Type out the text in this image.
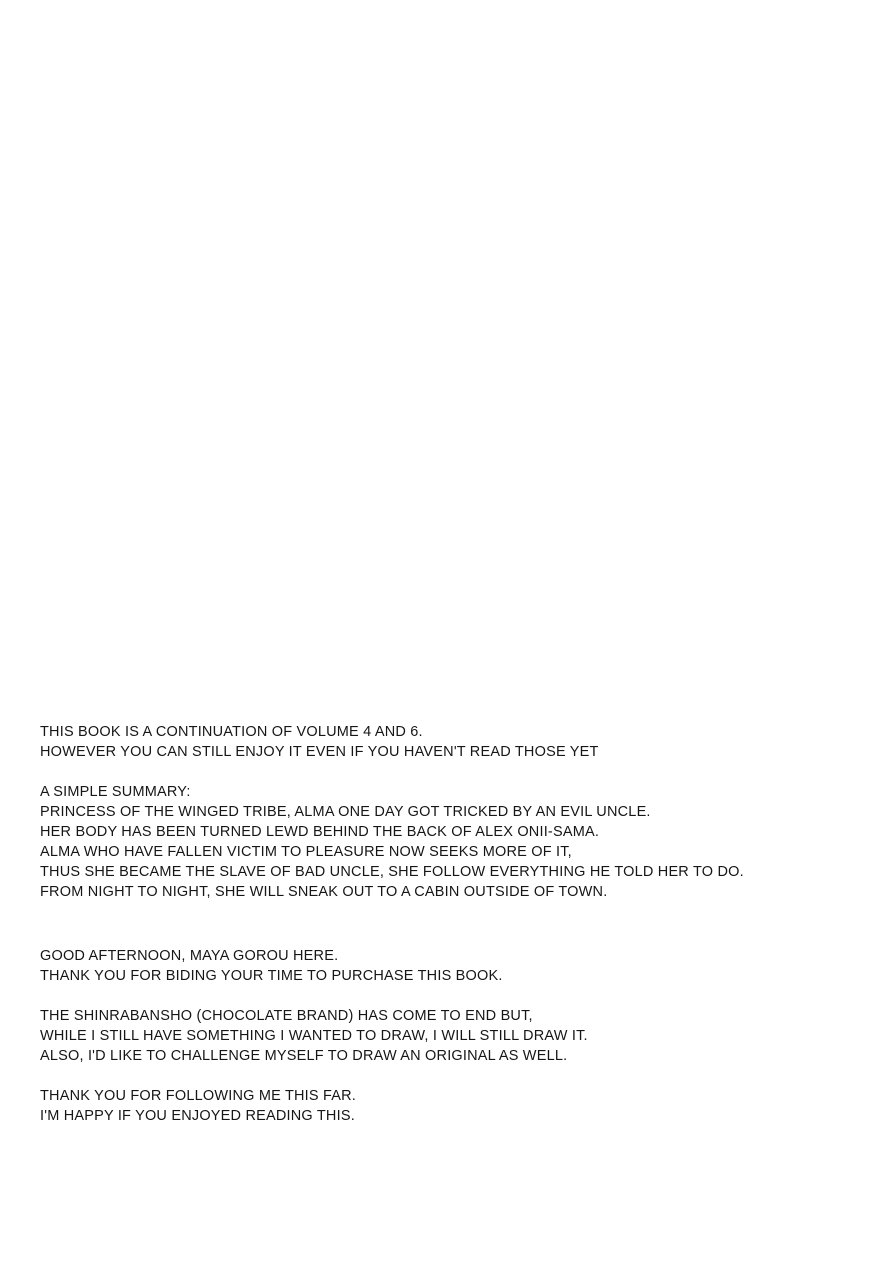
THIS BOOK IS A CONTINUATION OF VOLUME 4 AND 6.
HOWEVER YOU CAN STILL ENJOY IT EVEN IF YOU HAVEN'T READ THOSE YET
A SIMPLE SUMMARY:
PRINCESS OF THE WINGED TRIBE, ALMA ONE DAY GOT TRICKED BY AN EVIL UNCLE.
HER BODY HAS BEEN TURNED LEWD BEHIND THE BACK OF ALEX ONII-SAMA.
ALMA WHO HAVE FALLEN VICTIM TO PLEASURE NOW SEEKS MORE OF IT,
THUS SHE BECAME THE SLAVE OF BAD UNCLE, SHE FOLLOW EVERYTHING HE TOLD HER TO DO.
FROM NIGHT TO NIGHT, SHE WILL SNEAK OUT TO A CABIN OUTSIDE OF TOWN.
GOOD AFTERNOON, MAYA GOROU HERE.
THANK YOU FOR BIDING YOUR TIME TO PURCHASE THIS BOOK.
THE SHINRABANSHO (CHOCOLATE BRAND) HAS COME TO END BUT,
WHILE I STILL HAVE SOMETHING I WANTED TO DRAW, I WILL STILL DRAW IT.
ALSO, I'D LIKE TO CHALLENGE MYSELF TO DRAW AN ORIGINAL AS WELL.
THANK YOU FOR FOLLOWING ME THIS FAR.
I'M HAPPY IF YOU ENJOYED READING THIS.
